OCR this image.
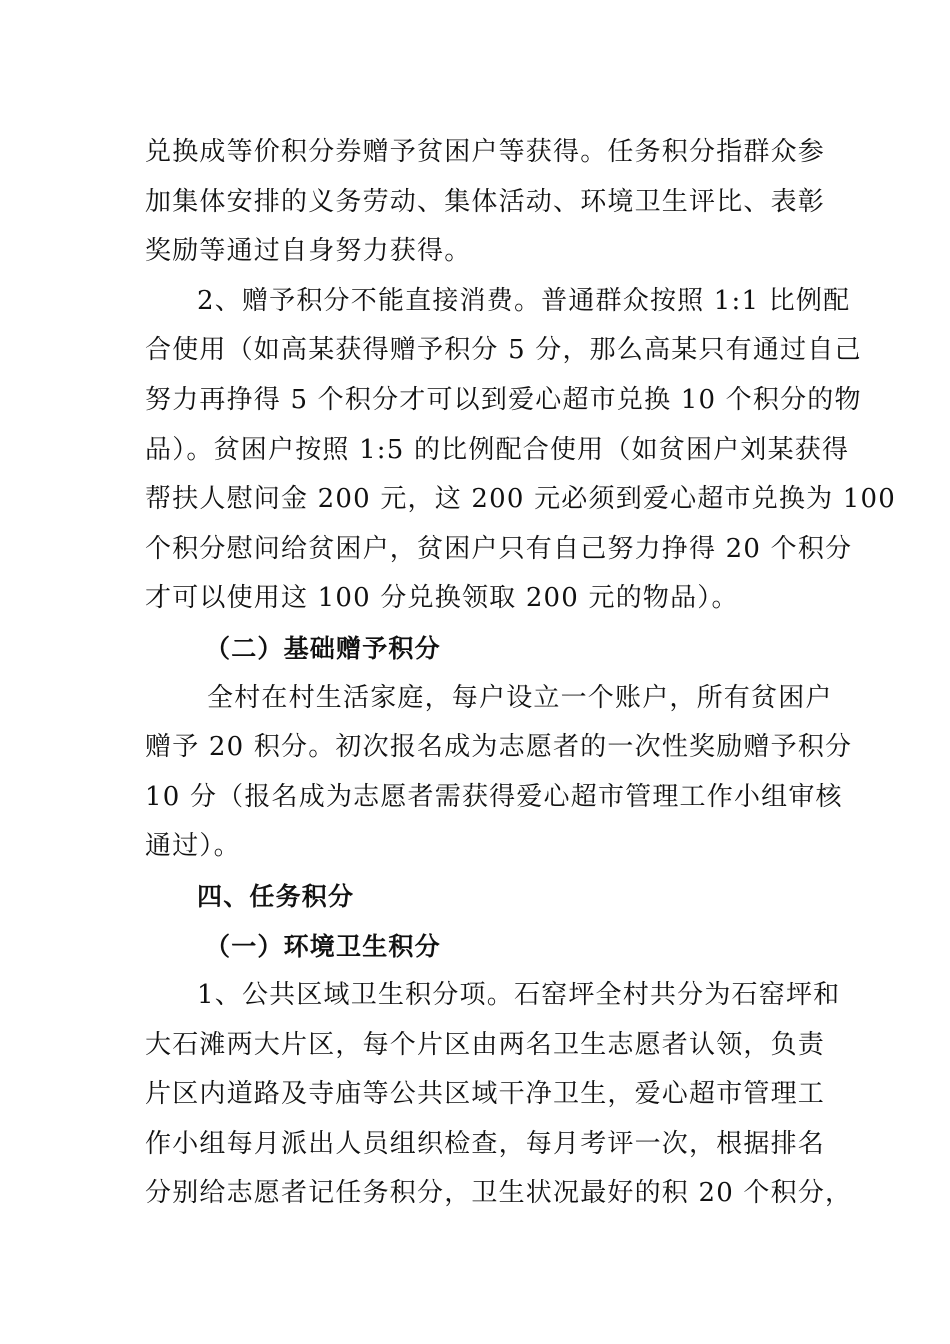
兑换成等价积分券赠予贫困户等获得。任务积分指群众参
加集体安排的义务劳动、集体活动、环境卫生评比、表彰
奖励等通过自身努力获得。
2、赠予积分不能直接消费。普通群众按照 1:1 比例配
合使用（如高某获得赠予积分 5 分，那么高某只有通过自己
努力再挣得 5 个积分才可以到爱心超市兑换 10 个积分的物
品）。贫困户按照 1:5 的比例配合使用（如贫困户刘某获得
帮扶人慰问金 200 元，这 200 元必须到爱心超市兑换为 100
个积分慰问给贫困户，贫困户只有自己努力挣得 20 个积分
才可以使用这 100 分兑换领取 200 元的物品）。
（二）基础赠予积分
全村在村生活家庭，每户设立一个账户，所有贫困户
赠予 20 积分。初次报名成为志愿者的一次性奖励赠予积分
10 分（报名成为志愿者需获得爱心超市管理工作小组审核
通过）。
四、任务积分
（一）环境卫生积分
1、公共区域卫生积分项。石窑坪全村共分为石窑坪和
大石滩两大片区，每个片区由两名卫生志愿者认领，负责
片区内道路及寺庙等公共区域干净卫生，爱心超市管理工
作小组每月派出人员组织检查，每月考评一次，根据排名
分别给志愿者记任务积分，卫生状况最好的积 20 个积分，
